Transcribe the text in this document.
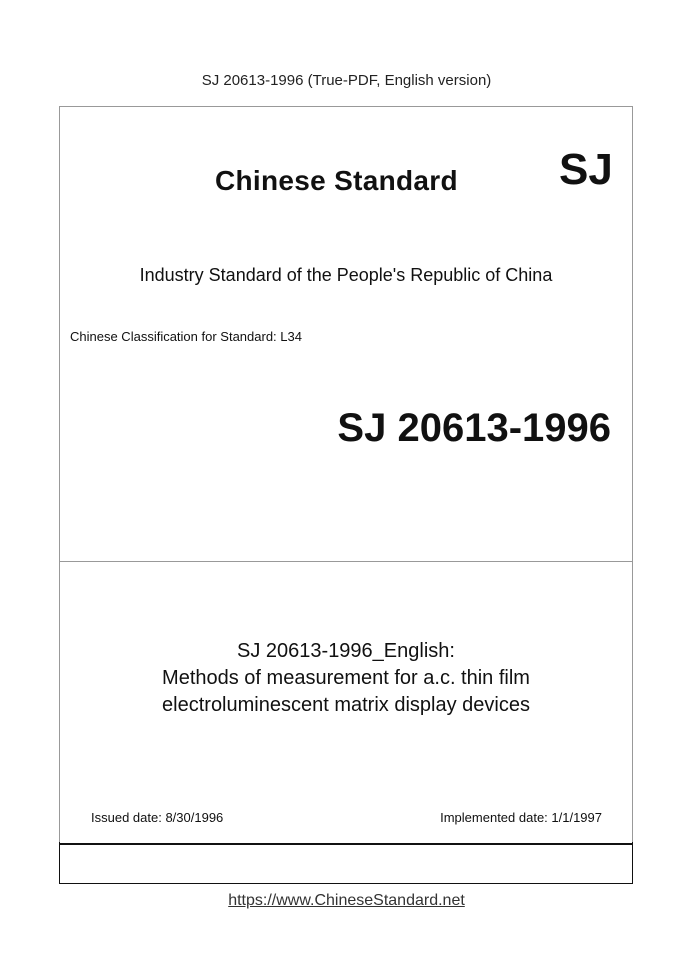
SJ 20613-1996 (True-PDF, English version)
Chinese Standard SJ
Industry Standard of the People's Republic of China
Chinese Classification for Standard: L34
SJ 20613-1996
SJ 20613-1996_English:
Methods of measurement for a.c. thin film
electroluminescent matrix display devices
Issued date: 8/30/1996	Implemented date: 1/1/1997
https://www.ChineseStandard.net
